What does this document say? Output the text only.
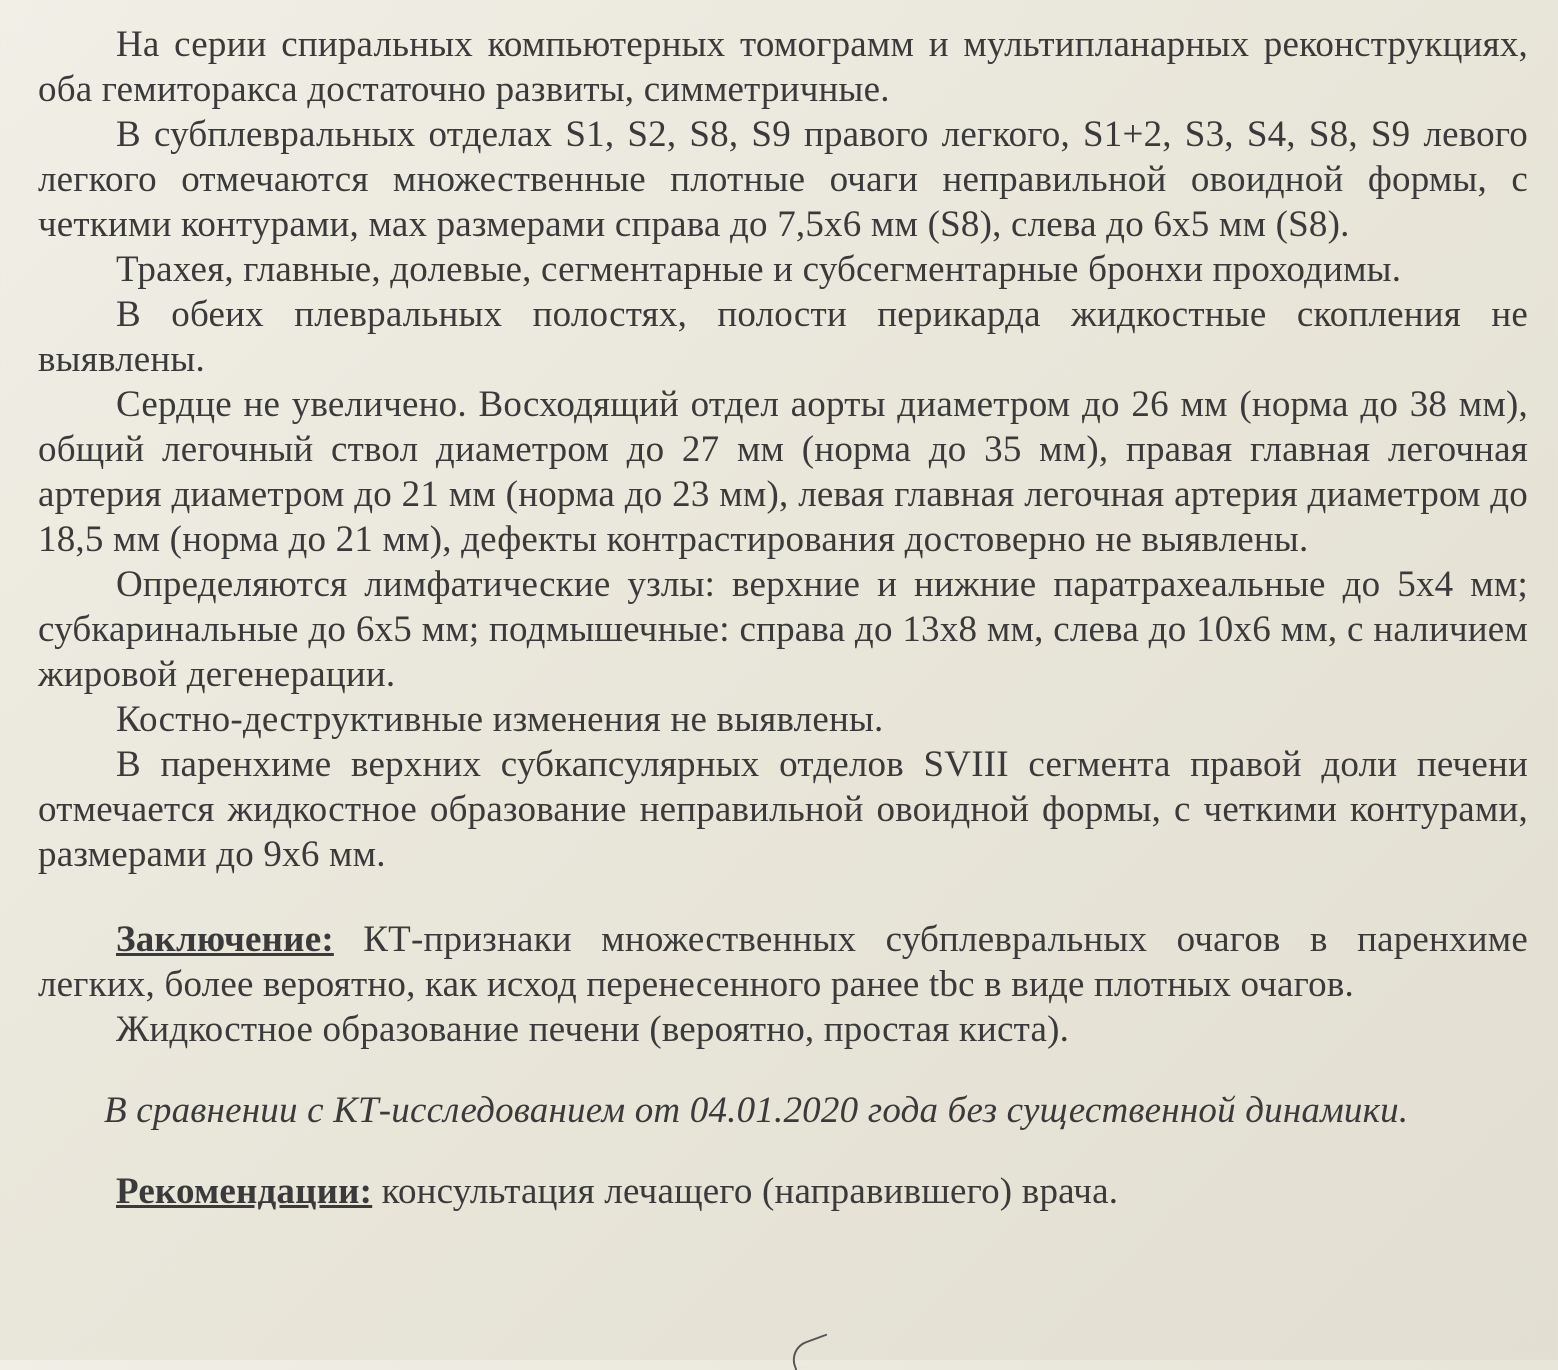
На серии спиральных компьютерных томограмм и мультипланарных реконструкциях, оба гемиторакса достаточно развиты, симметричные.

В субплевральных отделах S1, S2, S8, S9 правого легкого, S1+2, S3, S4, S8, S9 левого легкого отмечаются множественные плотные очаги неправильной овоидной формы, с четкими контурами, мах размерами справа до 7,5х6 мм (S8), слева до 6х5 мм (S8).

Трахея, главные, долевые, сегментарные и субсегментарные бронхи проходимы.

В обеих плевральных полостях, полости перикарда жидкостные скопления не выявлены.

Сердце не увеличено. Восходящий отдел аорты диаметром до 26 мм (норма до 38 мм), общий легочный ствол диаметром до 27 мм (норма до 35 мм), правая главная легочная артерия диаметром до 21 мм (норма до 23 мм), левая главная легочная артерия диаметром до 18,5 мм (норма до 21 мм), дефекты контрастирования достоверно не выявлены.

Определяются лимфатические узлы: верхние и нижние паратрахеальные до 5х4 мм; субкаринальные до 6х5 мм; подмышечные: справа до 13х8 мм, слева до 10х6 мм, с наличием жировой дегенерации.

Костно-деструктивные изменения не выявлены.

В паренхиме верхних субкапсулярных отделов SVIII сегмента правой доли печени отмечается жидкостное образование неправильной овоидной формы, с четкими контурами, размерами до 9х6 мм.

Заключение: КТ-признаки множественных субплевральных очагов в паренхиме легких, более вероятно, как исход перенесенного ранее tbc в виде плотных очагов.

Жидкостное образование печени (вероятно, простая киста).

В сравнении с КТ-исследованием от 04.01.2020 года без существенной динамики.

Рекомендации: консультация лечащего (направившего) врача.
